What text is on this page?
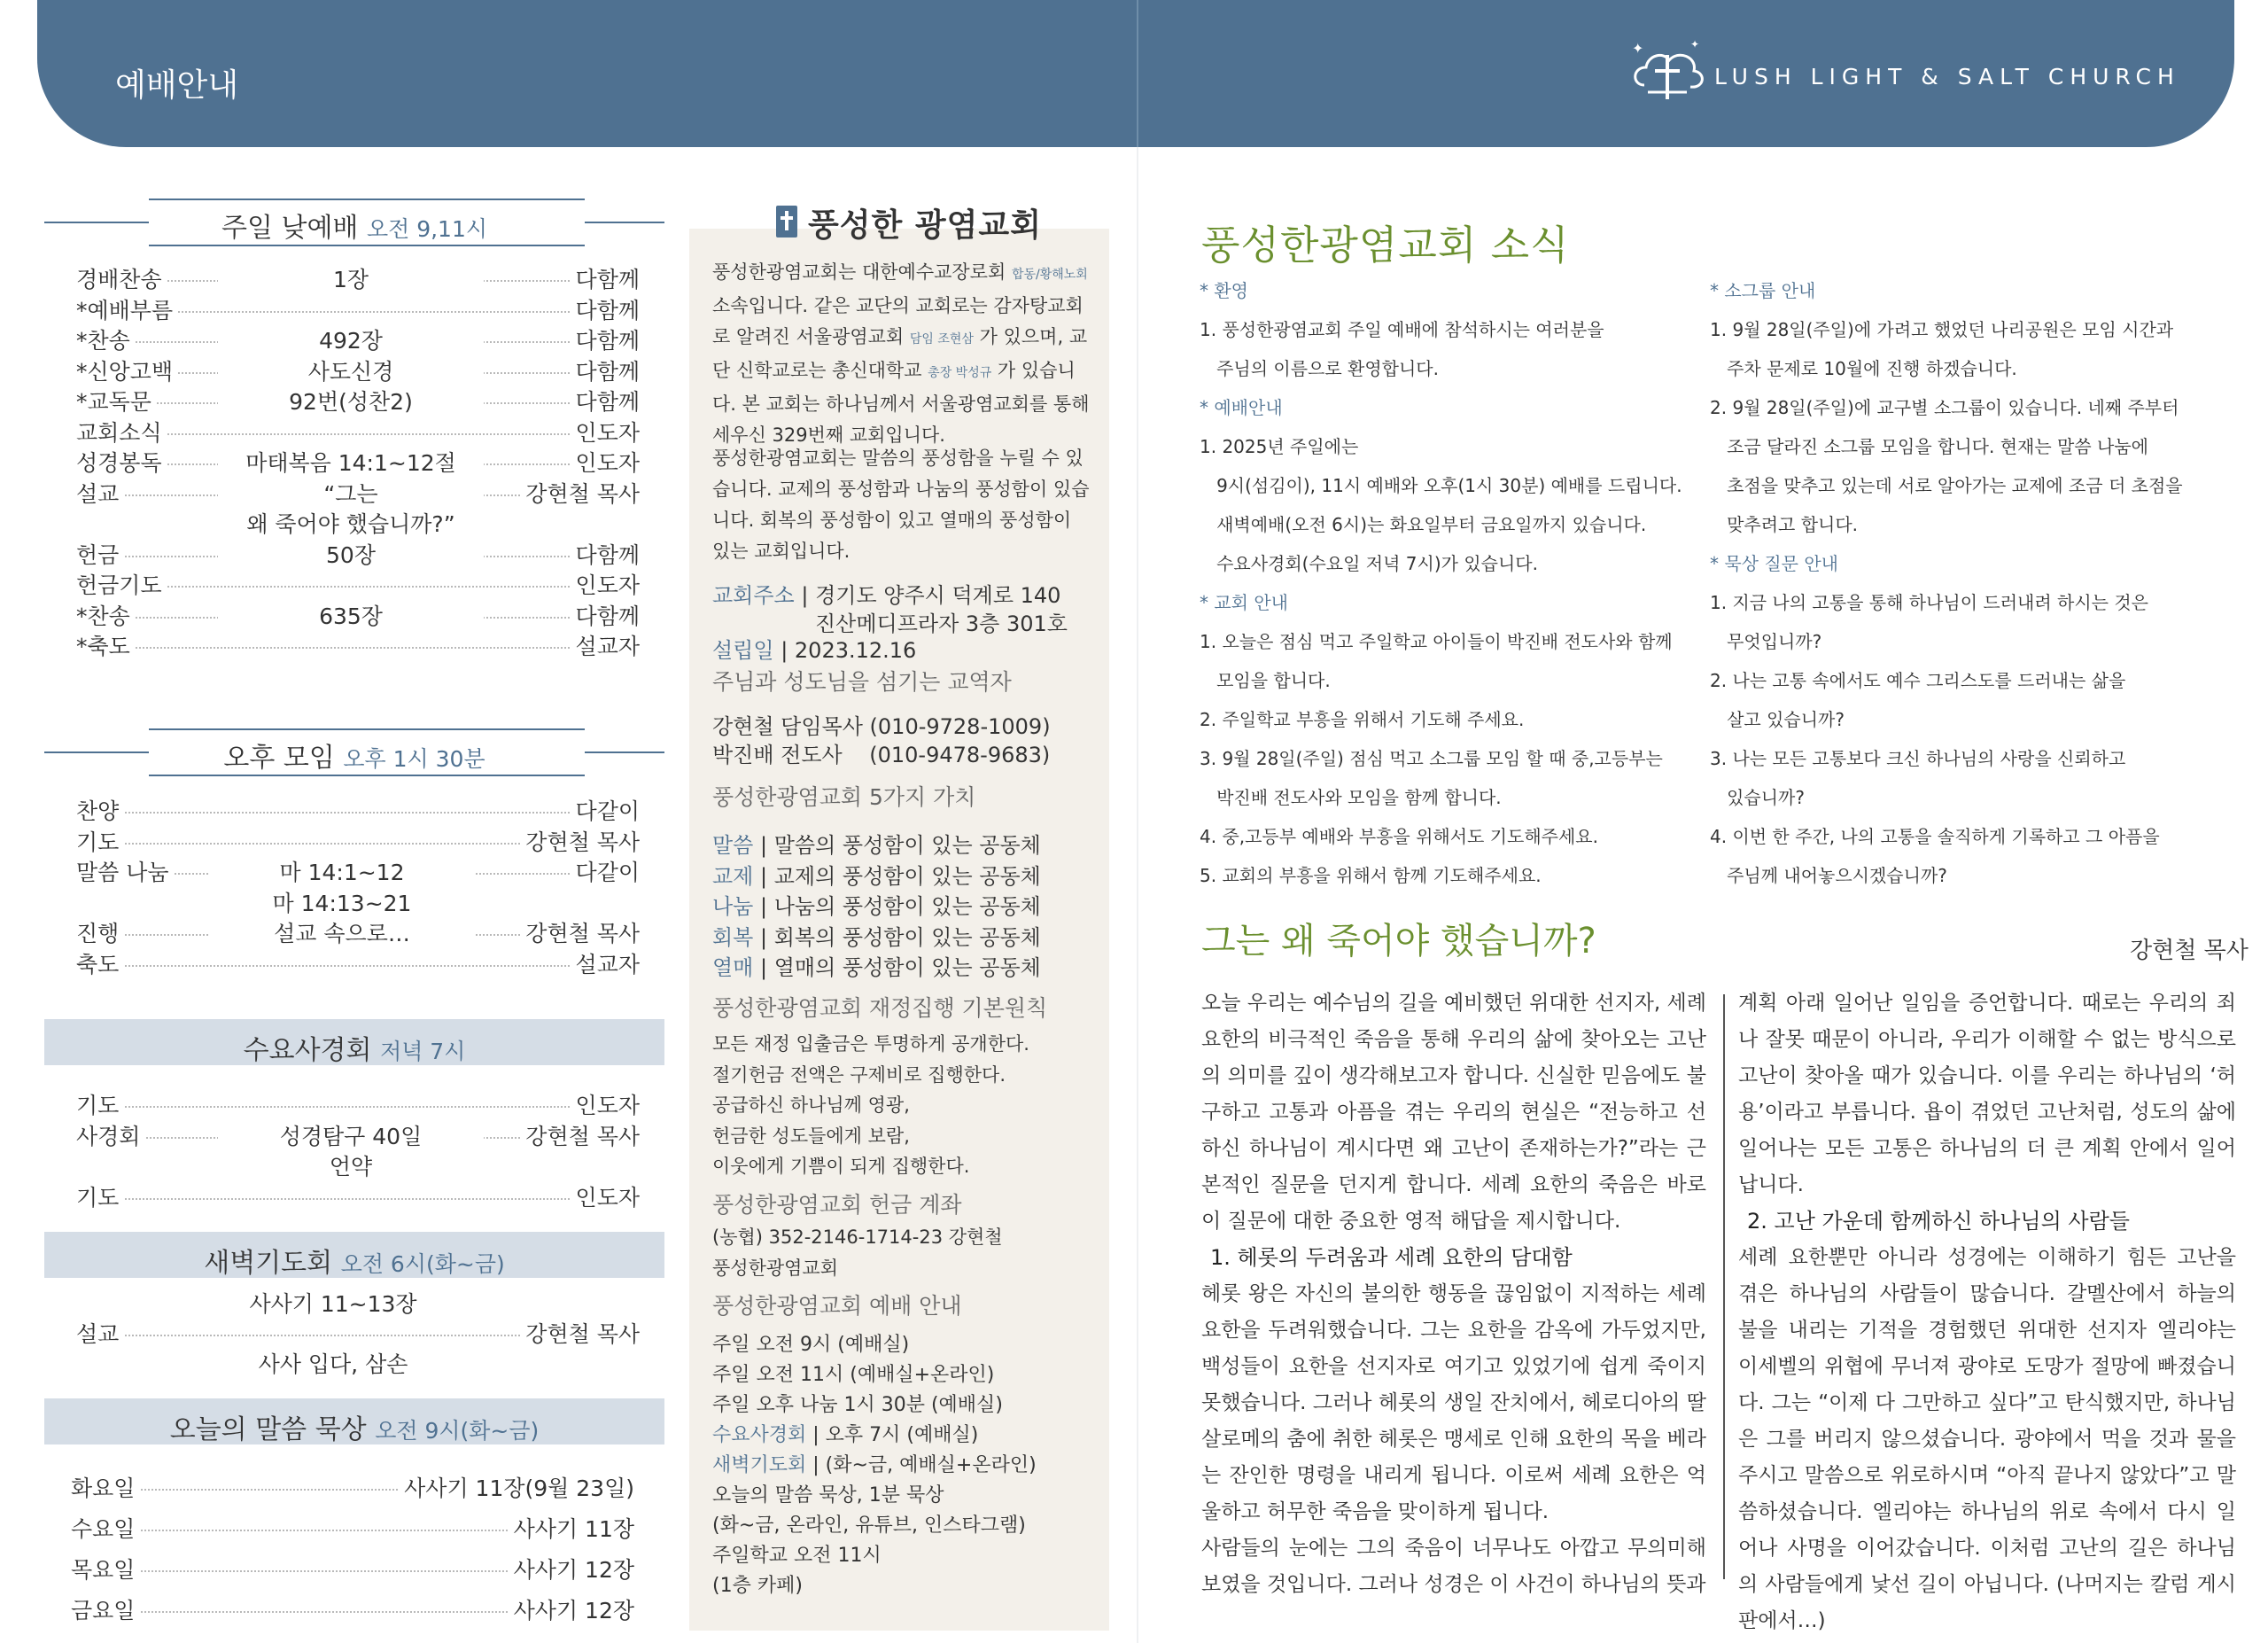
예배안내
✦	✦
LUSH LIGHT & SALT CHURCH
주일 낮예배 오전 9,11시
경배찬송	1장	다함께
*예배부름	다함께
*찬송	492장	다함께
*신앙고백	사도신경	다함께
*교독문	92번(성찬2)	다함께
교회소식	인도자
성경봉독	마태복음 14:1~12절	인도자
설교	“그는	강현철 목사
왜 죽어야 했습니까?”
헌금	50장	다함께
헌금기도	인도자
*찬송	635장	다함께
*축도	설교자
오후 모임 오후 1시 30분
찬양	다같이
기도	강현철 목사
말씀 나눔	마 14:1~12	다같이
마 14:13~21
진행	설교 속으로…	강현철 목사
축도	설교자
수요사경회 저녁 7시
기도	인도자
사경회	성경탐구 40일	강현철 목사
언약
기도	인도자
새벽기도회 오전 6시(화~금)
사사기 11~13장
설교	강현철 목사
사사 입다, 삼손
오늘의 말씀 묵상 오전 9시(화~금)
화요일	사사기 11장(9월 23일)
수요일	사사기 11장
목요일	사사기 12장
금요일	사사기 12장
풍성한 광염교회
풍성한광염교회는 대한예수교장로회 합동/황해노회 소속입니다. 같은 교단의 교회로는 감자탕교회로 알려진 서울광염교회 담임 조현삼 가 있으며, 교단 신학교로는 총신대학교 총장 박성규 가 있습니다. 본 교회는 하나님께서 서울광염교회를 통해 세우신 329번째 교회입니다.
풍성한광염교회는 말씀의 풍성함을 누릴 수 있습니다. 교제의 풍성함과 나눔의 풍성함이 있습니다. 회복의 풍성함이 있고 열매의 풍성함이 있는 교회입니다.
교회주소 | 경기도 양주시 덕계로 140
진산메디프라자 3층 301호
설립일 | 2023.12.16
주님과 성도님을 섬기는 교역자
강현철 담임목사 (010-9728-1009)
박진배 전도사    (010-9478-9683)
풍성한광염교회 5가지 가치
말씀 | 말씀의 풍성함이 있는 공동체
교제 | 교제의 풍성함이 있는 공동체
나눔 | 나눔의 풍성함이 있는 공동체
회복 | 회복의 풍성함이 있는 공동체
열매 | 열매의 풍성함이 있는 공동체
풍성한광염교회 재정집행 기본원칙
모든 재정 입출금은 투명하게 공개한다.
절기헌금 전액은 구제비로 집행한다.
공급하신 하나님께 영광,
헌금한 성도들에게 보람,
이웃에게 기쁨이 되게 집행한다.
풍성한광염교회 헌금 계좌
(농협) 352-2146-1714-23 강현철
풍성한광염교회
풍성한광염교회 예배 안내
주일 오전 9시 (예배실)
주일 오전 11시 (예배실+온라인)
주일 오후 나눔 1시 30분 (예배실)
수요사경회 | 오후 7시 (예배실)
새벽기도회 | (화~금, 예배실+온라인)
오늘의 말씀 묵상, 1분 묵상
(화~금, 온라인, 유튜브, 인스타그램)
주일학교 오전 11시
(1층 카페)
풍성한광염교회 소식
* 환영
1. 풍성한광염교회 주일 예배에 참석하시는 여러분을
주님의 이름으로 환영합니다.
* 예배안내
1. 2025년 주일에는
9시(섬김이), 11시 예배와 오후(1시 30분) 예배를 드립니다.
새벽예배(오전 6시)는 화요일부터 금요일까지 있습니다.
수요사경회(수요일 저녁 7시)가 있습니다.
* 교회 안내
1. 오늘은 점심 먹고 주일학교 아이들이 박진배 전도사와 함께
모임을 합니다.
2. 주일학교 부흥을 위해서 기도해 주세요.
3. 9월 28일(주일) 점심 먹고 소그룹 모임 할 때 중,고등부는
박진배 전도사와 모임을 함께 합니다.
4. 중,고등부 예배와 부흥을 위해서도 기도해주세요.
5. 교회의 부흥을 위해서 함께 기도해주세요.
* 소그룹 안내
1. 9월 28일(주일)에 가려고 했었던 나리공원은 모임 시간과
주차 문제로 10월에 진행 하겠습니다.
2. 9월 28일(주일)에 교구별 소그룹이 있습니다. 네째 주부터
조금 달라진 소그룹 모임을 합니다. 현재는 말씀 나눔에
초점을 맞추고 있는데 서로 알아가는 교제에 조금 더 초점을
맞추려고 합니다.
* 묵상 질문 안내
1. 지금 나의 고통을 통해 하나님이 드러내려 하시는 것은
무엇입니까?
2. 나는 고통 속에서도 예수 그리스도를 드러내는 삶을
살고 있습니까?
3. 나는 모든 고통보다 크신 하나님의 사랑을 신뢰하고
있습니까?
4. 이번 한 주간, 나의 고통을 솔직하게 기록하고 그 아픔을
주님께 내어놓으시겠습니까?
그는 왜 죽어야 했습니까?	강현철 목사

오늘 우리는 예수님의 길을 예비했던 위대한 선지자, 세례 요한의 비극적인 죽음을 통해 우리의 삶에 찾아오는 고난의 의미를 깊이 생각해보고자 합니다. 신실한 믿음에도 불구하고 고통과 아픔을 겪는 우리의 현실은 “전능하고 선하신 하나님이 계시다면 왜 고난이 존재하는가?”라는 근본적인 질문을 던지게 합니다. 세례 요한의 죽음은 바로 이 질문에 대한 중요한 영적 해답을 제시합니다.

1. 헤롯의 두려움과 세례 요한의 담대함

헤롯 왕은 자신의 불의한 행동을 끊임없이 지적하는 세례 요한을 두려워했습니다. 그는 요한을 감옥에 가두었지만, 백성들이 요한을 선지자로 여기고 있었기에 쉽게 죽이지 못했습니다. 그러나 헤롯의 생일 잔치에서, 헤로디아의 딸 살로메의 춤에 취한 헤롯은 맹세로 인해 요한의 목을 베라는 잔인한 명령을 내리게 됩니다. 이로써 세례 요한은 억울하고 허무한 죽음을 맞이하게 됩니다.

사람들의 눈에는 그의 죽음이 너무나도 아깝고 무의미해 보였을 것입니다. 그러나 성경은 이 사건이 하나님의 뜻과

계획 아래 일어난 일임을 증언합니다. 때로는 우리의 죄나 잘못 때문이 아니라, 우리가 이해할 수 없는 방식으로 고난이 찾아올 때가 있습니다. 이를 우리는 하나님의 ‘허용’이라고 부릅니다. 욥이 겪었던 고난처럼, 성도의 삶에 일어나는 모든 고통은 하나님의 더 큰 계획 안에서 일어납니다.

2. 고난 가운데 함께하신 하나님의 사람들

세례 요한뿐만 아니라 성경에는 이해하기 힘든 고난을 겪은 하나님의 사람들이 많습니다. 갈멜산에서 하늘의 불을 내리는 기적을 경험했던 위대한 선지자 엘리야는 이세벨의 위협에 무너져 광야로 도망가 절망에 빠졌습니다. 그는 “이제 다 그만하고 싶다”고 탄식했지만, 하나님은 그를 버리지 않으셨습니다. 광야에서 먹을 것과 물을 주시고 말씀으로 위로하시며 “아직 끝나지 않았다”고 말씀하셨습니다. 엘리야는 하나님의 위로 속에서 다시 일어나 사명을 이어갔습니다. 이처럼 고난의 길은 하나님의 사람들에게 낯선 길이 아닙니다. (나머지는 칼럼 게시판에서…)
